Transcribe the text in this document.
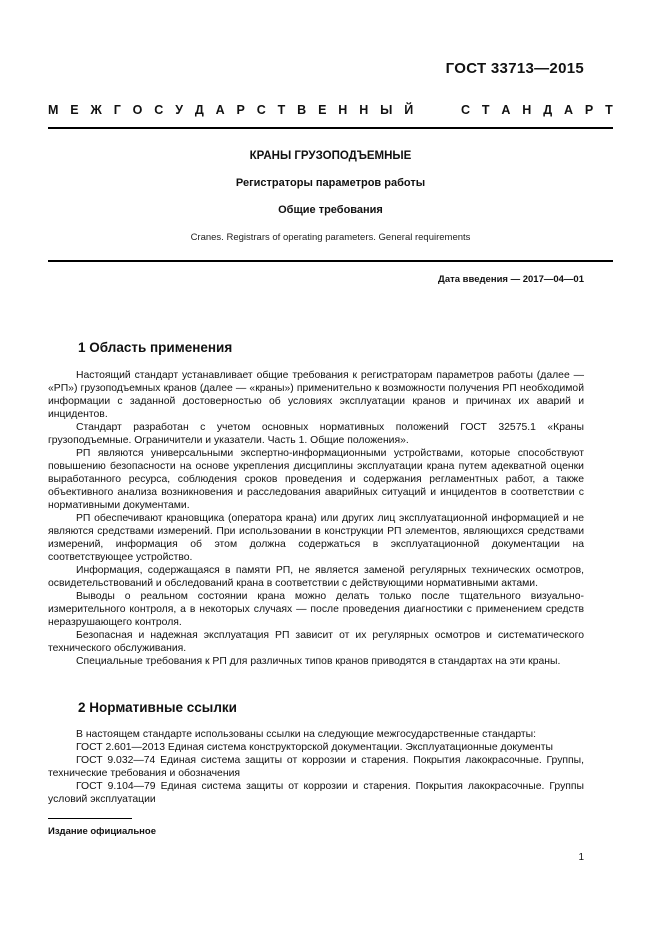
ГОСТ 33713—2015
М Е Ж Г О С У Д А Р С Т В Е Н Н Ы Й	С Т А Н Д А Р Т
КРАНЫ ГРУЗОПОДЪЕМНЫЕ
Регистраторы параметров работы
Общие требования
Cranes. Registrars of operating parameters. General requirements
Дата введения — 2017—04—01
1 Область применения

Настоящий стандарт устанавливает общие требования к регистраторам параметров работы (далее — «РП») грузоподъемных кранов (далее — «краны») применительно к возможности получения РП необходимой информации с заданной достоверностью об условиях эксплуатации кранов и причинах их аварий и инцидентов.

Стандарт разработан с учетом основных нормативных положений ГОСТ 32575.1 «Краны грузоподъемные. Ограничители и указатели. Часть 1. Общие положения».

РП являются универсальными экспертно-информационными устройствами, которые способствуют повышению безопасности на основе укрепления дисциплины эксплуатации крана путем адекватной оценки выработанного ресурса, соблюдения сроков проведения и содержания регламентных работ, а также объективного анализа возникновения и расследования аварийных ситуаций и инцидентов в соответствии с нормативными документами.

РП обеспечивают крановщика (оператора крана) или других лиц эксплуатационной информацией и не являются средствами измерений. При использовании в конструкции РП элементов, являющихся средствами измерений, информация об этом должна содержаться в эксплуатационной документации на соответствующее устройство.

Информация, содержащаяся в памяти РП, не является заменой регулярных технических осмотров, освидетельствований и обследований крана в соответствии с действующими нормативными актами.

Выводы о реальном состоянии крана можно делать только после тщательного визуально-измерительного контроля, а в некоторых случаях — после проведения диагностики с применением средств неразрушающего контроля.

Безопасная и надежная эксплуатация РП зависит от их регулярных осмотров и систематического технического обслуживания.

Специальные требования к РП для различных типов кранов приводятся в стандартах на эти краны.

2 Нормативные ссылки

В настоящем стандарте использованы ссылки на следующие межгосударственные стандарты:

ГОСТ 2.601—2013 Единая система конструкторской документации. Эксплуатационные документы

ГОСТ 9.032—74 Единая система защиты от коррозии и старения. Покрытия лакокрасочные. Группы, технические требования и обозначения

ГОСТ 9.104—79 Единая система защиты от коррозии и старения. Покрытия лакокрасочные. Группы условий эксплуатации

Издание официальное
1
